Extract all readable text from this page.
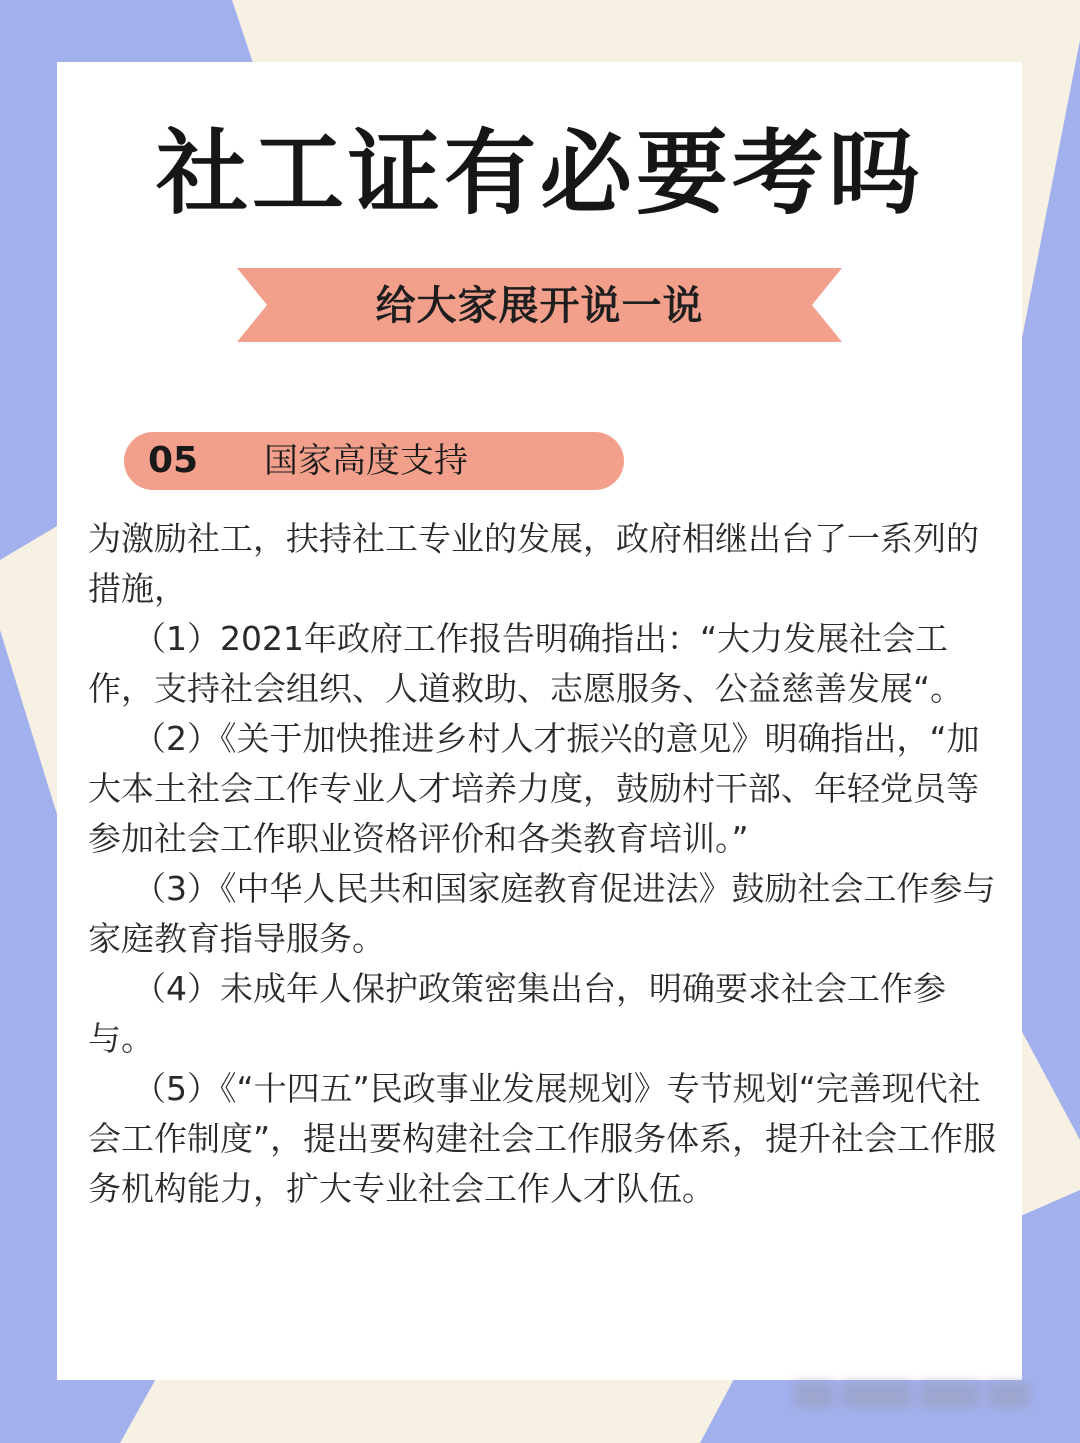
社工证有必要考吗
给大家展开说一说
05 国家高度支持

为激励社工，扶持社工专业的发展，政府相继出台了一系列的措施，

（1）2021年政府工作报告明确指出：“大力发展社会工作，支持社会组织、人道救助、志愿服务、公益慈善发展“。

（2）《关于加快推进乡村人才振兴的意见》明确指出，“加大本土社会工作专业人才培养力度，鼓励村干部、年轻党员等参加社会工作职业资格评价和各类教育培训。”

（3）《中华人民共和国家庭教育促进法》鼓励社会工作参与家庭教育指导服务。

（4）未成年人保护政策密集出台，明确要求社会工作参与。

（5）《“十四五”民政事业发展规划》专节规划“完善现代社会工作制度”，提出要构建社会工作服务体系，提升社会工作服务机构能力，扩大专业社会工作人才队伍。
